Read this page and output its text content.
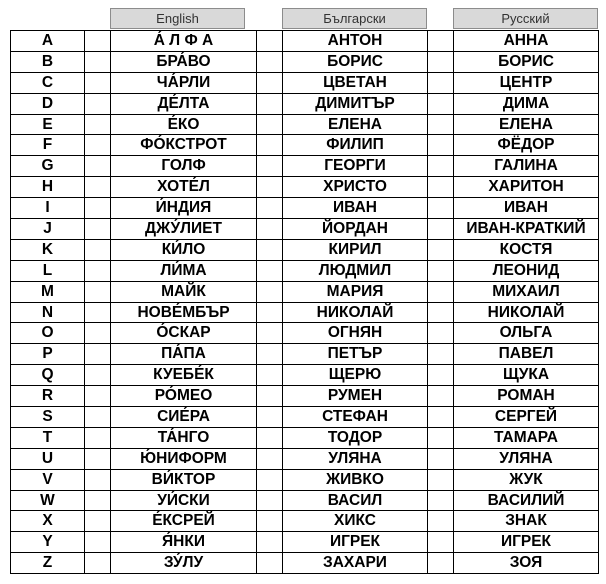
English	Български	Русский
A		А́ Л Ф А		АНТОН		АННА
B		БРА́ВО		БОРИС		БОРИС
C		ЧА́РЛИ		ЦВЕТАН		ЦЕНТР
D		ДЕ́ЛТА		ДИМИТЪР		ДИМА
E		Е́КО		ЕЛЕНА		ЕЛЕНА
F		ФО́КСТРОТ		ФИЛИП		ФЁДОР
G		ГОЛФ		ГЕОРГИ		ГАЛИНА
H		ХОТЕ́Л		ХРИСТО		ХАРИТОН
I		И́НДИЯ		ИВАН		ИВАН
J		ДЖУ́ЛИЕТ		ЙОРДАН		ИВАН-КРАТКИЙ
K		КИ́ЛО		КИРИЛ		КОСТЯ
L		ЛИ́МА		ЛЮДМИЛ		ЛЕОНИД
M		МАЙК		МАРИЯ		МИХАИЛ
N		НОВЕ́МБЪР		НИКОЛАЙ		НИКОЛАЙ
O		О́СКАР		ОГНЯН		ОЛЬГА
P		ПА́ПА		ПЕТЪР		ПАВЕЛ
Q		КУЕБЕ́К		ЩЕРЮ		ЩУКА
R		РО́МЕО		РУМЕН		РОМАН
S		СИЕ́РА		СТЕФАН		СЕРГЕЙ
T		ТА́НГО		ТОДОР		ТАМАРА
U		Ю́НИФОРМ		УЛЯНА		УЛЯНА
V		ВИ́КТОР		ЖИВКО		ЖУК
W		УИ́СКИ		ВАСИЛ		ВАСИЛИЙ
X		Е́КСРЕЙ		ХИКС		ЗНАК
Y		Я́НКИ		ИГРЕК		ИГРЕК
Z		ЗУ́ЛУ		ЗАХАРИ		ЗОЯ
